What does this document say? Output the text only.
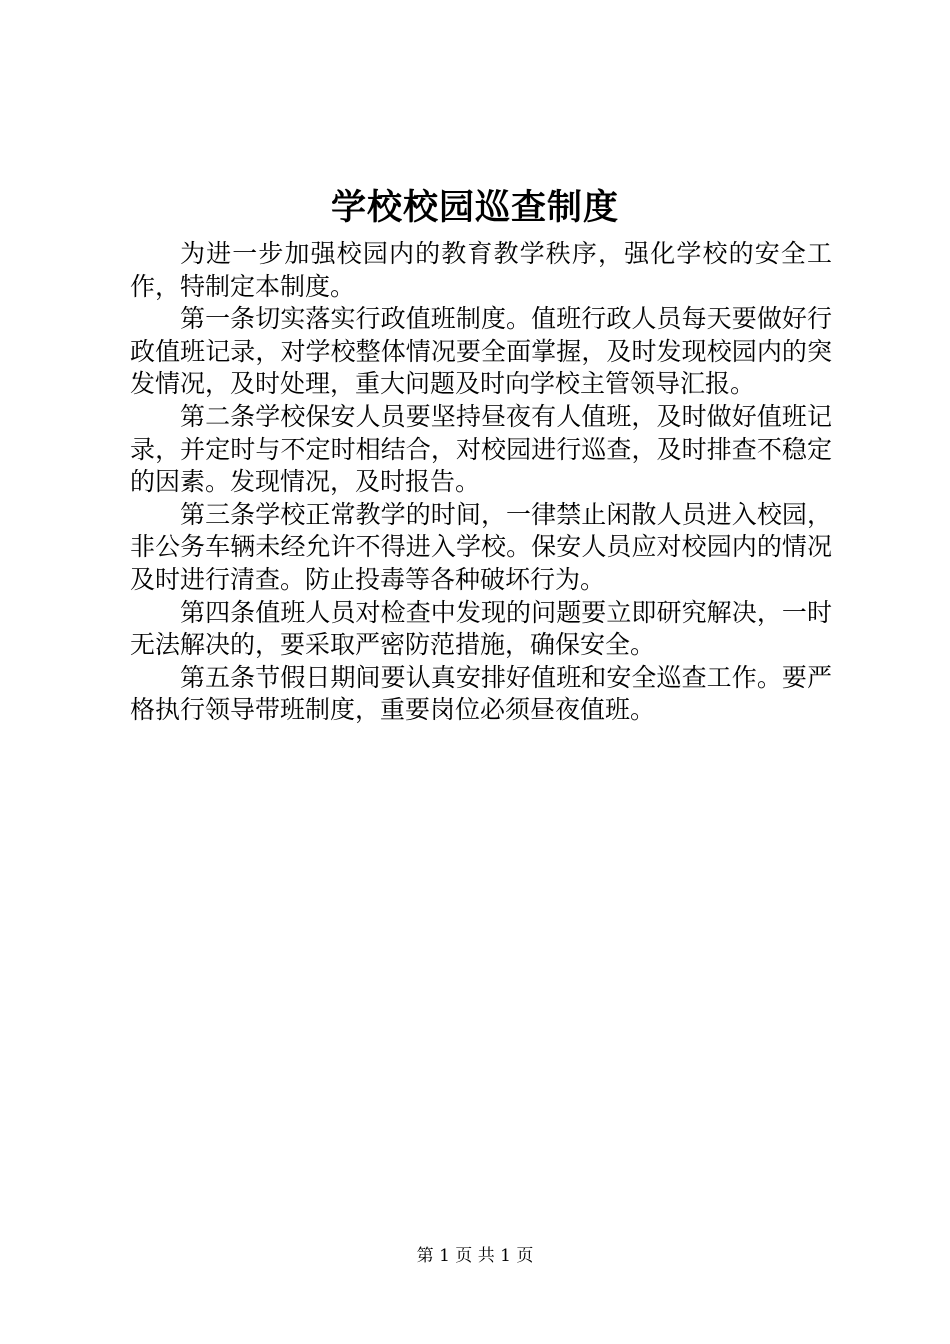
学校校园巡查制度

为进一步加强校园内的教育教学秩序，强化学校的安全工作，特制定本制度。

第一条切实落实行政值班制度。值班行政人员每天要做好行政值班记录，对学校整体情况要全面掌握，及时发现校园内的突发情况，及时处理，重大问题及时向学校主管领导汇报。

第二条学校保安人员要坚持昼夜有人值班，及时做好值班记录，并定时与不定时相结合，对校园进行巡查，及时排查不稳定的因素。发现情况，及时报告。

第三条学校正常教学的时间，一律禁止闲散人员进入校园，非公务车辆未经允许不得进入学校。保安人员应对校园内的情况及时进行清查。防止投毒等各种破坏行为。

第四条值班人员对检查中发现的问题要立即研究解决，一时无法解决的，要采取严密防范措施，确保安全。

第五条节假日期间要认真安排好值班和安全巡查工作。要严格执行领导带班制度，重要岗位必须昼夜值班。

第 1 页 共 1 页
